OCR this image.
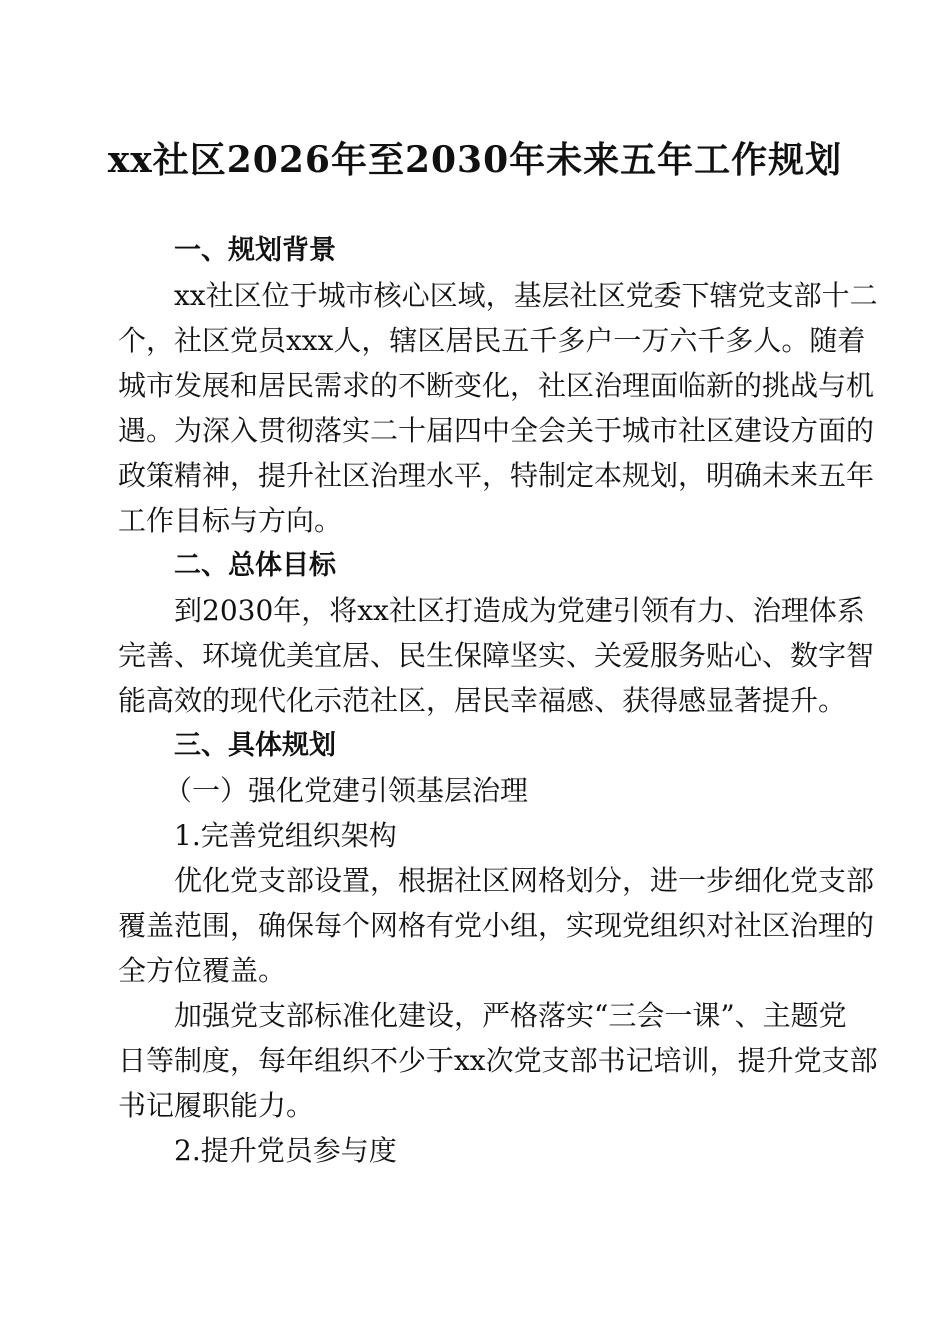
xx社区2026年至2030年未来五年工作规划
一、规划背景
xx社区位于城市核心区域，基层社区党委下辖党支部十二
个，社区党员xxx人，辖区居民五千多户一万六千多人。随着
城市发展和居民需求的不断变化，社区治理面临新的挑战与机
遇。为深入贯彻落实二十届四中全会关于城市社区建设方面的
政策精神，提升社区治理水平，特制定本规划，明确未来五年
工作目标与方向。
二、总体目标
到2030年，将xx社区打造成为党建引领有力、治理体系
完善、环境优美宜居、民生保障坚实、关爱服务贴心、数字智
能高效的现代化示范社区，居民幸福感、获得感显著提升。
三、具体规划
（一）强化党建引领基层治理
1.完善党组织架构
优化党支部设置，根据社区网格划分，进一步细化党支部
覆盖范围，确保每个网格有党小组，实现党组织对社区治理的
全方位覆盖。
加强党支部标准化建设，严格落实“三会一课”、主题党
日等制度，每年组织不少于xx次党支部书记培训，提升党支部
书记履职能力。
2.提升党员参与度
